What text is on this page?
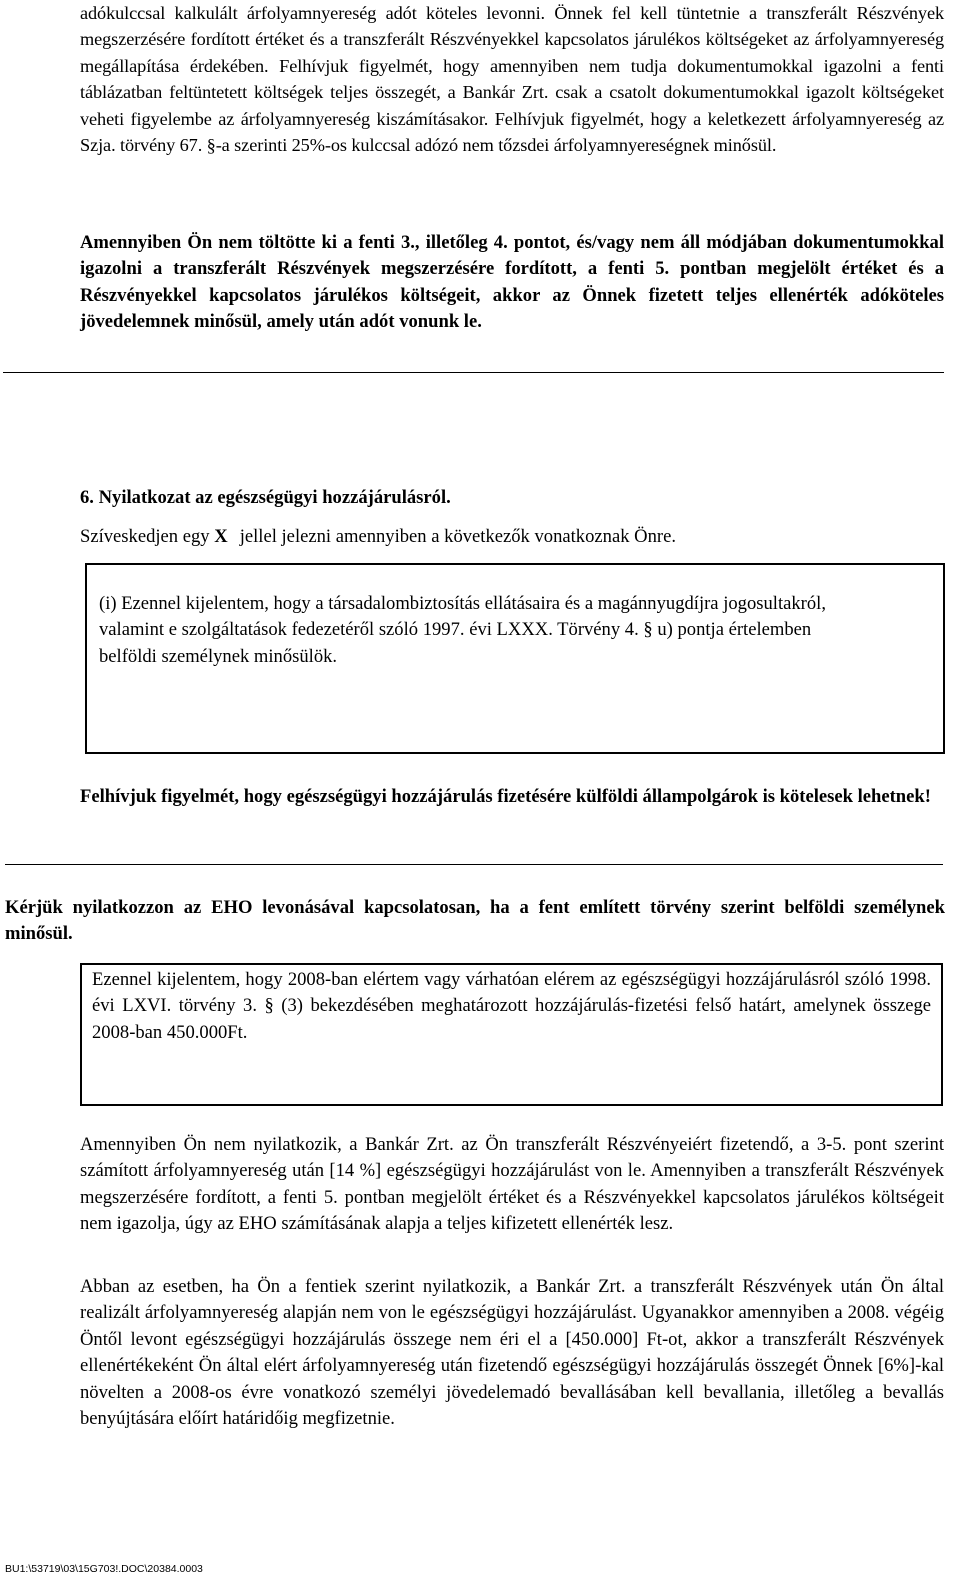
adókulccsal kalkulált árfolyamnyereség adót köteles levonni. Önnek fel kell tüntetnie a transzferált Részvények megszerzésére fordított értéket és a transzferált Részvényekkel kapcsolatos járulékos költségeket az árfolyamnyereség megállapítása érdekében. Felhívjuk figyelmét, hogy amennyiben nem tudja dokumentumokkal igazolni a fenti táblázatban feltüntetett költségek teljes összegét, a Bankár Zrt. csak a csatolt dokumentumokkal igazolt költségeket veheti figyelembe az árfolyamnyereség kiszámításakor. Felhívjuk figyelmét, hogy a keletkezett árfolyamnyereség az Szja. törvény 67. §-a szerinti 25%-os kulccsal adózó nem tőzsdei árfolyamnyereségnek minősül.

Amennyiben Ön nem töltötte ki a fenti 3., illetőleg 4. pontot, és/vagy nem áll módjában dokumentumokkal igazolni a transzferált Részvények megszerzésére fordított, a fenti 5. pontban megjelölt értéket és a Részvényekkel kapcsolatos járulékos költségeit, akkor az Önnek fizetett teljes ellenérték adóköteles jövedelemnek minősül, amely után adót vonunk le.

6. Nyilatkozat az egészségügyi hozzájárulásról.

Szíveskedjen egy X jellel jelezni amennyiben a következők vonatkoznak Önre.

(i) Ezennel kijelentem, hogy a társadalombiztosítás ellátásaira és a magánnyugdíjra jogosultakról, valamint e szolgáltatások fedezetéről szóló 1997. évi LXXX. Törvény 4. § u) pontja értelemben belföldi személynek minősülök.

Felhívjuk figyelmét, hogy egészségügyi hozzájárulás fizetésére külföldi állampolgárok is kötelesek lehetnek!

Kérjük nyilatkozzon az EHO levonásával kapcsolatosan, ha a fent említett törvény szerint belföldi személynek minősül.

Ezennel kijelentem, hogy 2008-ban elértem vagy várhatóan elérem az egészségügyi hozzájárulásról szóló 1998. évi LXVI. törvény 3. § (3) bekezdésében meghatározott hozzájárulás-fizetési felső határt, amelynek összege 2008-ban 450.000Ft.

Amennyiben Ön nem nyilatkozik, a Bankár Zrt. az Ön transzferált Részvényeiért fizetendő, a 3-5. pont szerint számított árfolyamnyereség után [14 %] egészségügyi hozzájárulást von le. Amennyiben a transzferált Részvények megszerzésére fordított, a fenti 5. pontban megjelölt értéket és a Részvényekkel kapcsolatos járulékos költségeit nem igazolja, úgy az EHO számításának alapja a teljes kifizetett ellenérték lesz.

Abban az esetben, ha Ön a fentiek szerint nyilatkozik, a Bankár Zrt. a transzferált Részvények után Ön által realizált árfolyamnyereség alapján nem von le egészségügyi hozzájárulást. Ugyanakkor amennyiben a 2008. végéig Öntől levont egészségügyi hozzájárulás összege nem éri el a [450.000] Ft-ot, akkor a transzferált Részvények ellenértékeként Ön által elért árfolyamnyereség után fizetendő egészségügyi hozzájárulás összegét Önnek [6%]-kal növelten a 2008-os évre vonatkozó személyi jövedelemadó bevallásában kell bevallania, illetőleg a bevallás benyújtására előírt határidőig megfizetnie.

BU1:\53719\03\15G703!.DOC\20384.0003
